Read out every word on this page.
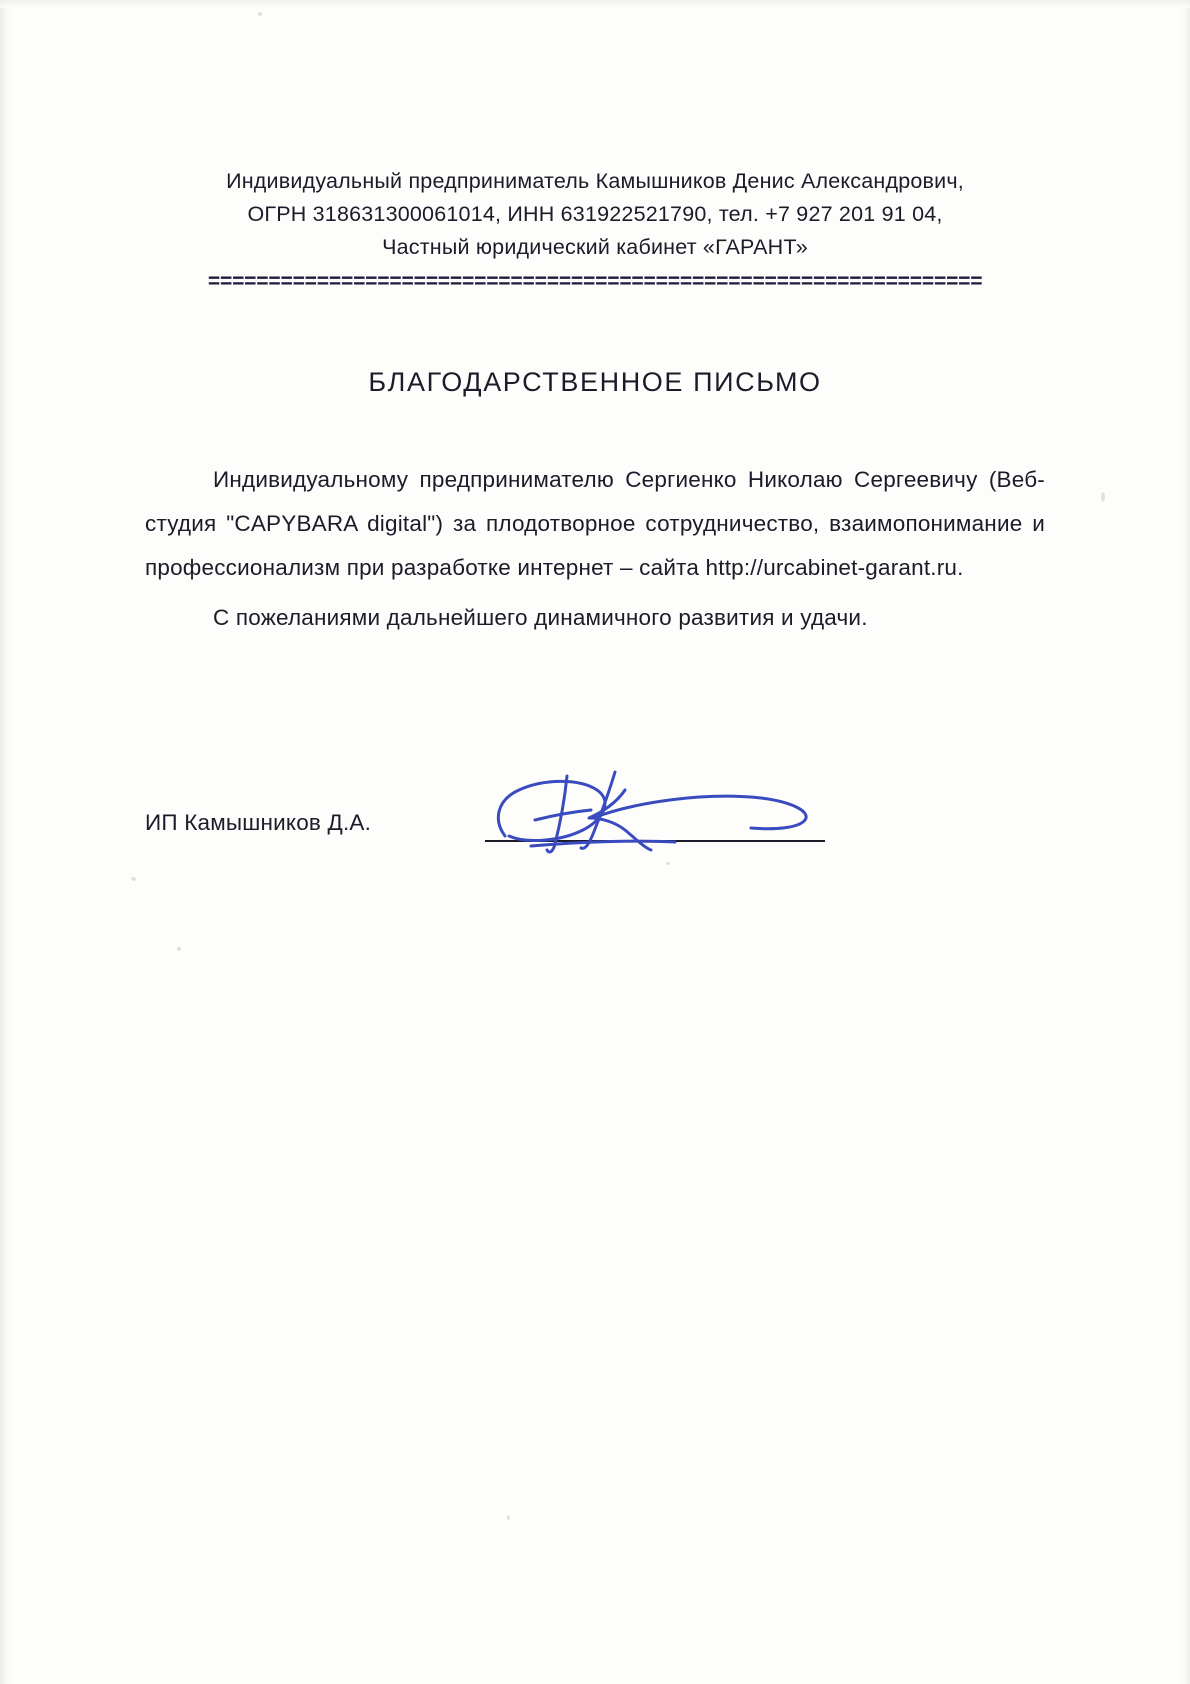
Индивидуальный предприниматель Камышников Денис Александрович,
ОГРН 318631300061014, ИНН 631922521790, тел. +7 927 201 91 04,
Частный юридический кабинет «ГАРАНТ»
================================================================
БЛАГОДАРСТВЕННОЕ ПИСЬМО

Индивидуальному предпринимателю Сергиенко Николаю Сергеевичу (Веб-студия "CAPYBARA digital") за плодотворное сотрудничество, взаимопонимание и профессионализм при разработке интернет – сайта http://urcabinet-garant.ru.

С пожеланиями дальнейшего динамичного развития и удачи.

ИП Камышников Д.А.
